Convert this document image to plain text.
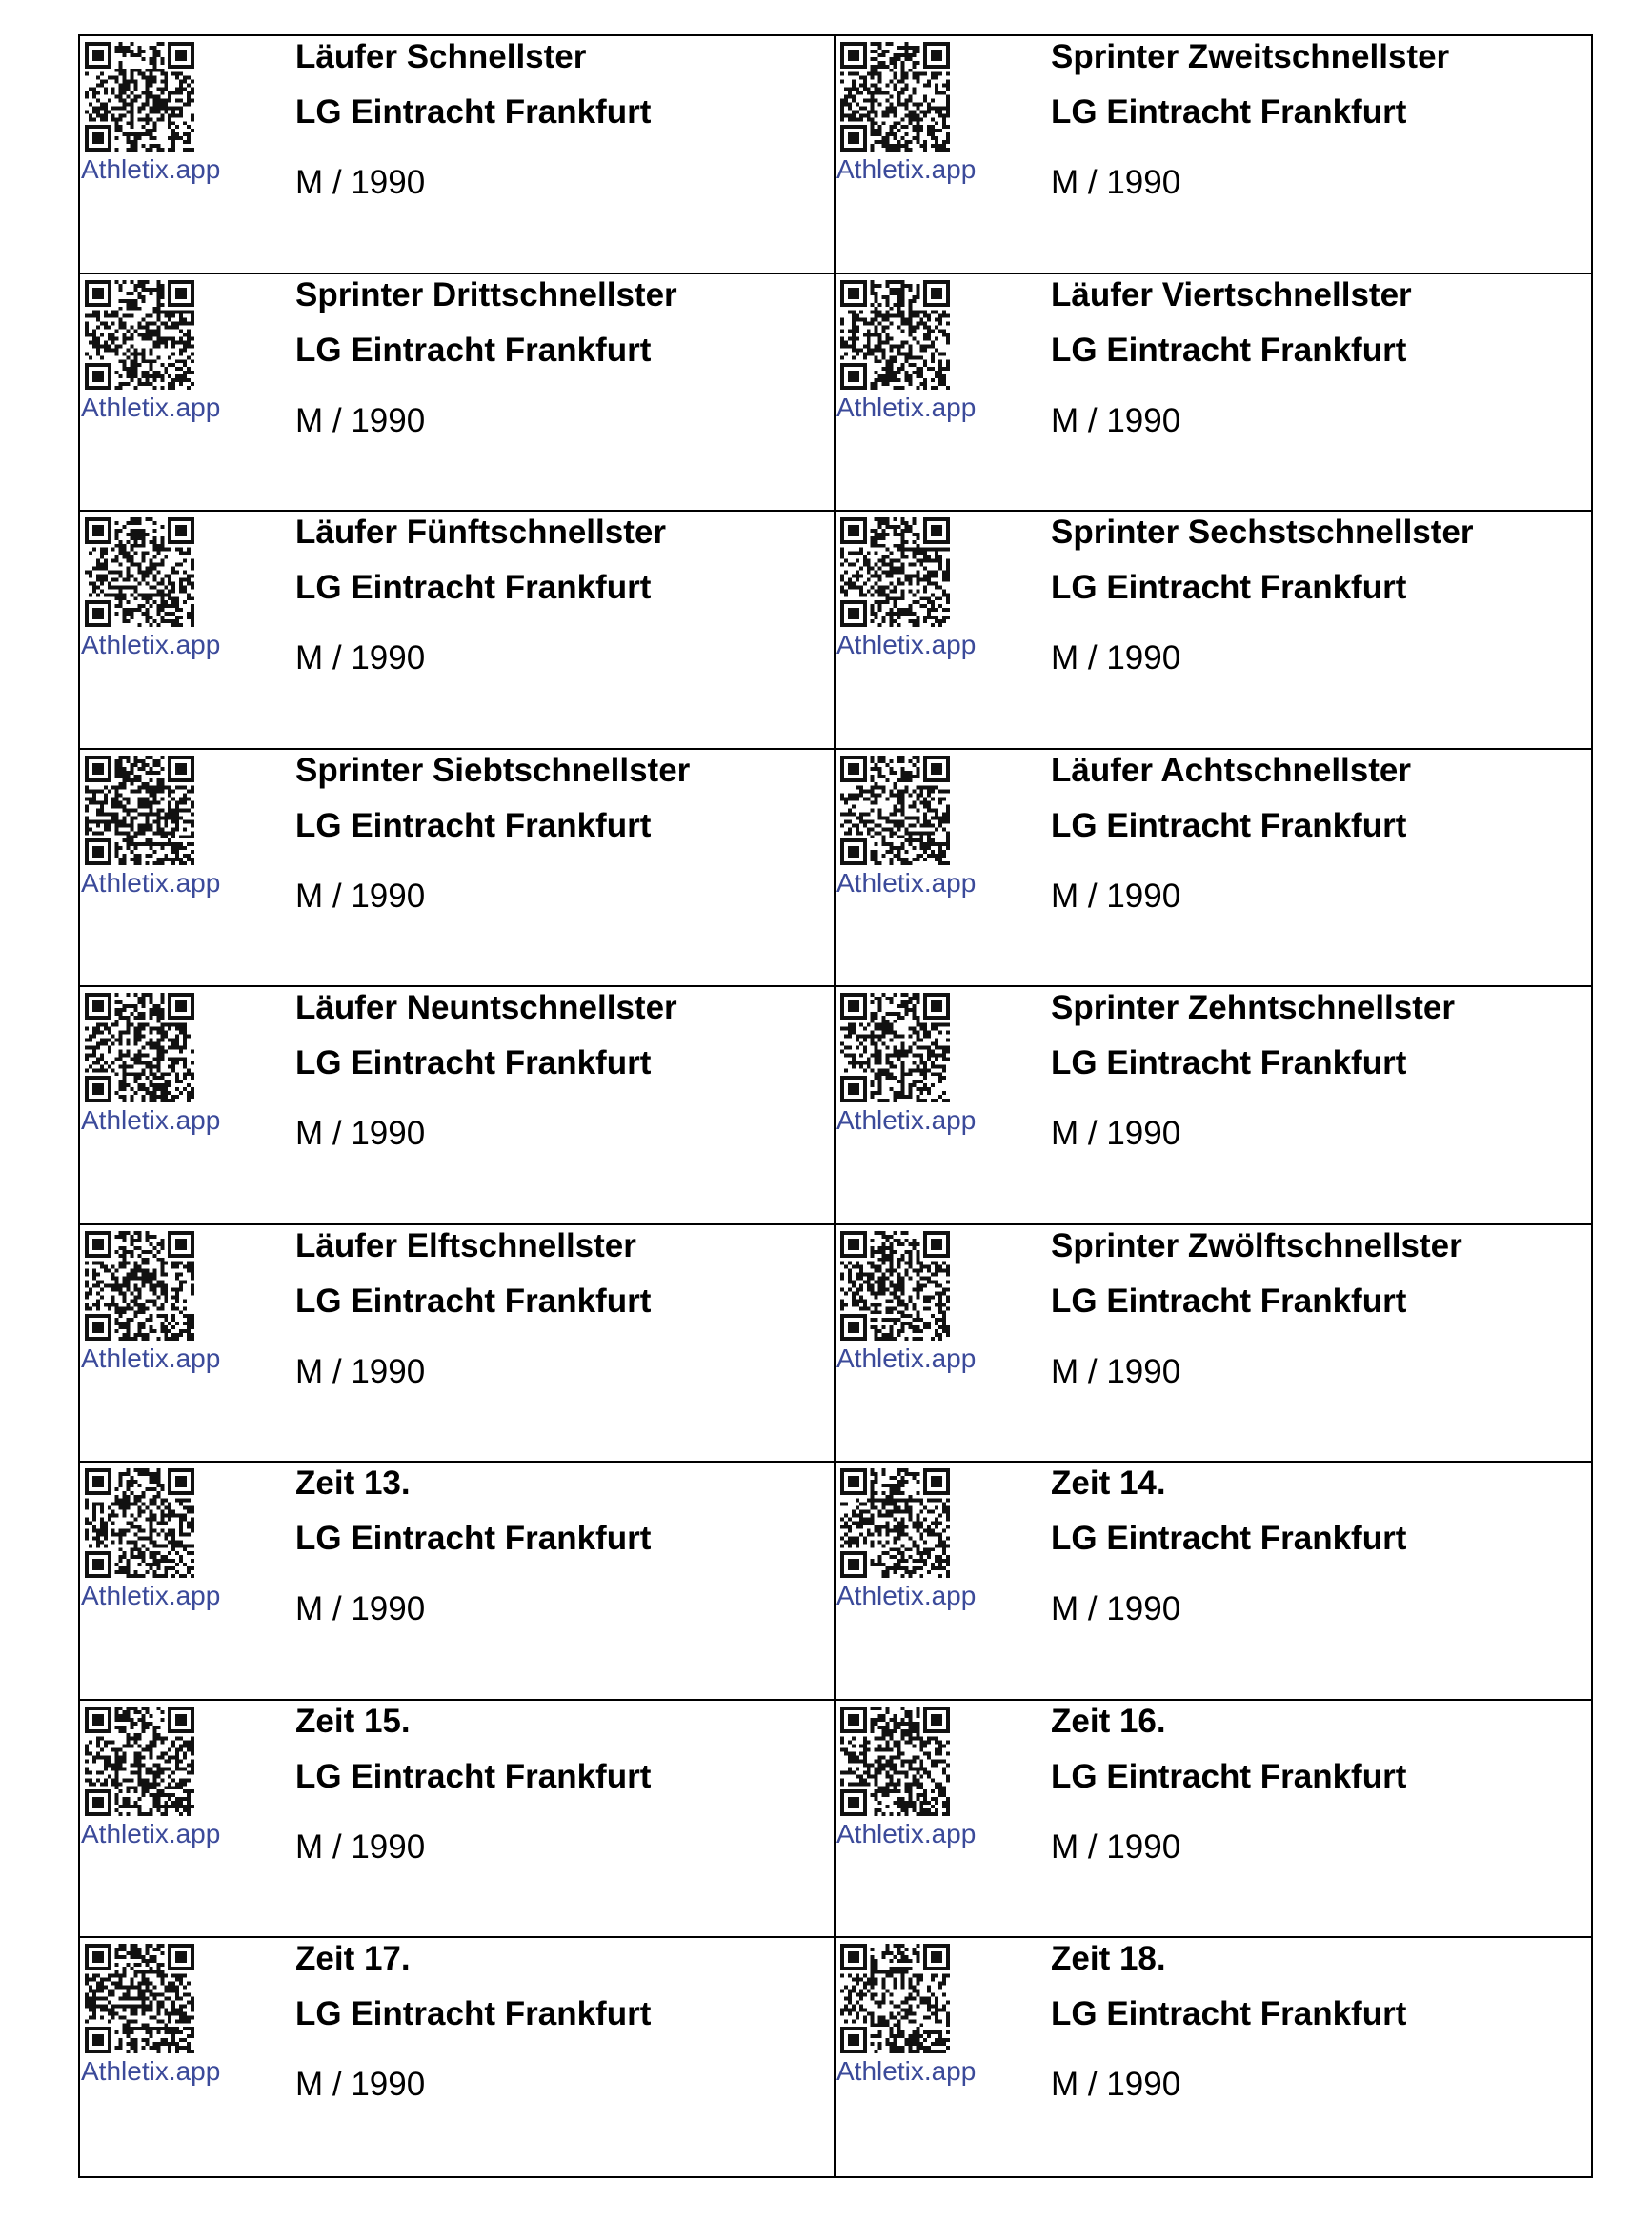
Athletix.app
Läufer Schnellster
LG Eintracht Frankfurt
M / 1990	Athletix.app
Sprinter Zweitschnellster
LG Eintracht Frankfurt
M / 1990
Athletix.app
Sprinter Drittschnellster
LG Eintracht Frankfurt
M / 1990	Athletix.app
Läufer Viertschnellster
LG Eintracht Frankfurt
M / 1990
Athletix.app
Läufer Fünftschnellster
LG Eintracht Frankfurt
M / 1990	Athletix.app
Sprinter Sechstschnellster
LG Eintracht Frankfurt
M / 1990
Athletix.app
Sprinter Siebtschnellster
LG Eintracht Frankfurt
M / 1990	Athletix.app
Läufer Achtschnellster
LG Eintracht Frankfurt
M / 1990
Athletix.app
Läufer Neuntschnellster
LG Eintracht Frankfurt
M / 1990	Athletix.app
Sprinter Zehntschnellster
LG Eintracht Frankfurt
M / 1990
Athletix.app
Läufer Elftschnellster
LG Eintracht Frankfurt
M / 1990	Athletix.app
Sprinter Zwölftschnellster
LG Eintracht Frankfurt
M / 1990
Athletix.app
Zeit 13.
LG Eintracht Frankfurt
M / 1990	Athletix.app
Zeit 14.
LG Eintracht Frankfurt
M / 1990
Athletix.app
Zeit 15.
LG Eintracht Frankfurt
M / 1990	Athletix.app
Zeit 16.
LG Eintracht Frankfurt
M / 1990
Athletix.app
Zeit 17.
LG Eintracht Frankfurt
M / 1990	Athletix.app
Zeit 18.
LG Eintracht Frankfurt
M / 1990
